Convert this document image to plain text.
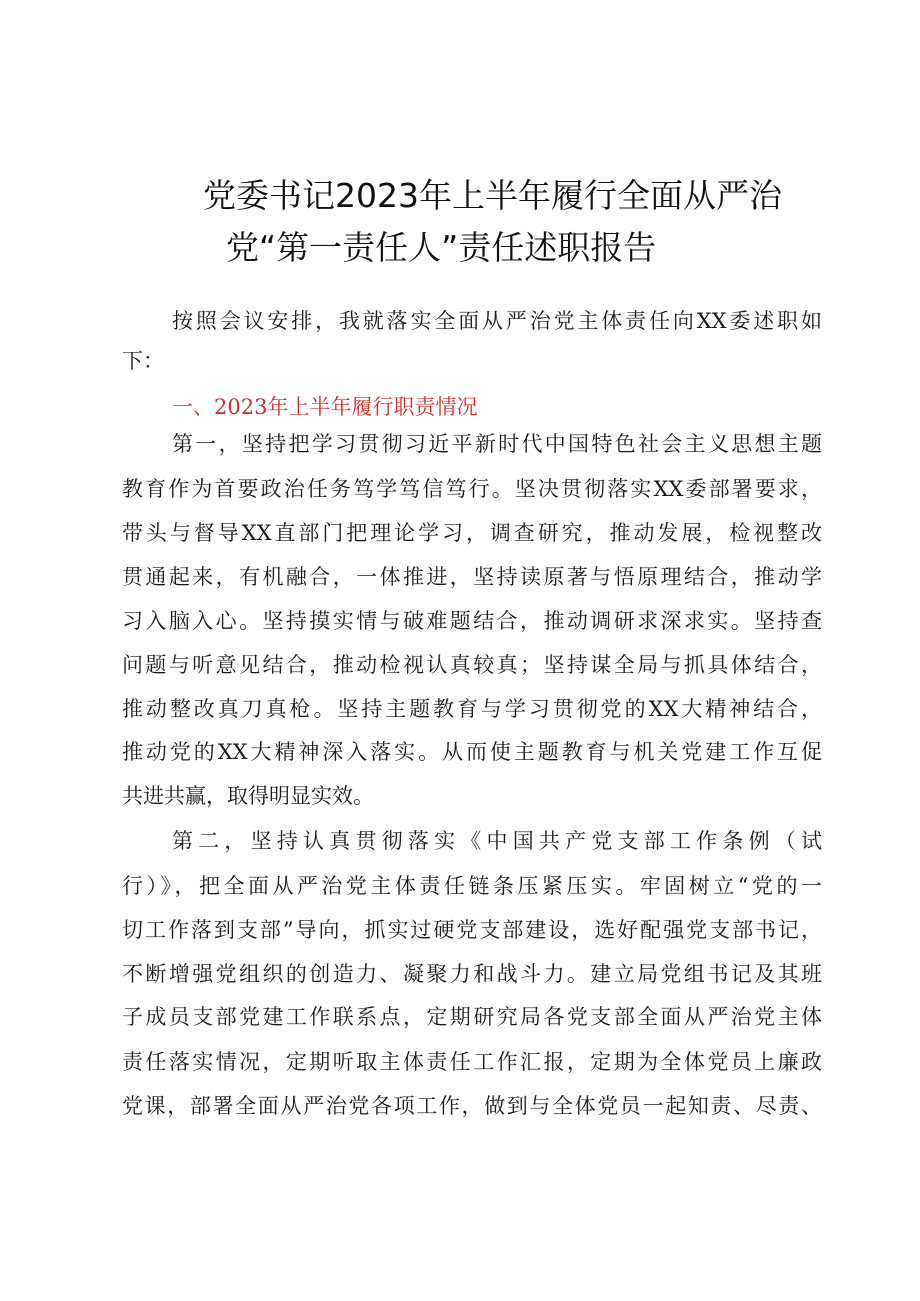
党委书记2023年上半年履行全面从严治
党“第一责任人”责任述职报告
按照会议安排，我就落实全面从严治党主体责任向XX委述职如
下：
一、2023年上半年履行职责情况
第一，坚持把学习贯彻习近平新时代中国特色社会主义思想主题
教育作为首要政治任务笃学笃信笃行。坚决贯彻落实XX委部署要求，
带头与督导XX直部门把理论学习，调查研究，推动发展，检视整改
贯通起来，有机融合，一体推进，坚持读原著与悟原理结合，推动学
习入脑入心。坚持摸实情与破难题结合，推动调研求深求实。坚持查
问题与听意见结合，推动检视认真较真；坚持谋全局与抓具体结合，
推动整改真刀真枪。坚持主题教育与学习贯彻党的XX大精神结合，
推动党的XX大精神深入落实。从而使主题教育与机关党建工作互促
共进共赢，取得明显实效。
第二，坚持认真贯彻落实《中国共产党支部工作条例（试
行）》，把全面从严治党主体责任链条压紧压实。牢固树立“党的一
切工作落到支部”导向，抓实过硬党支部建设，选好配强党支部书记，
不断增强党组织的创造力、凝聚力和战斗力。建立局党组书记及其班
子成员支部党建工作联系点，定期研究局各党支部全面从严治党主体
责任落实情况，定期听取主体责任工作汇报，定期为全体党员上廉政
党课，部署全面从严治党各项工作，做到与全体党员一起知责、尽责、
